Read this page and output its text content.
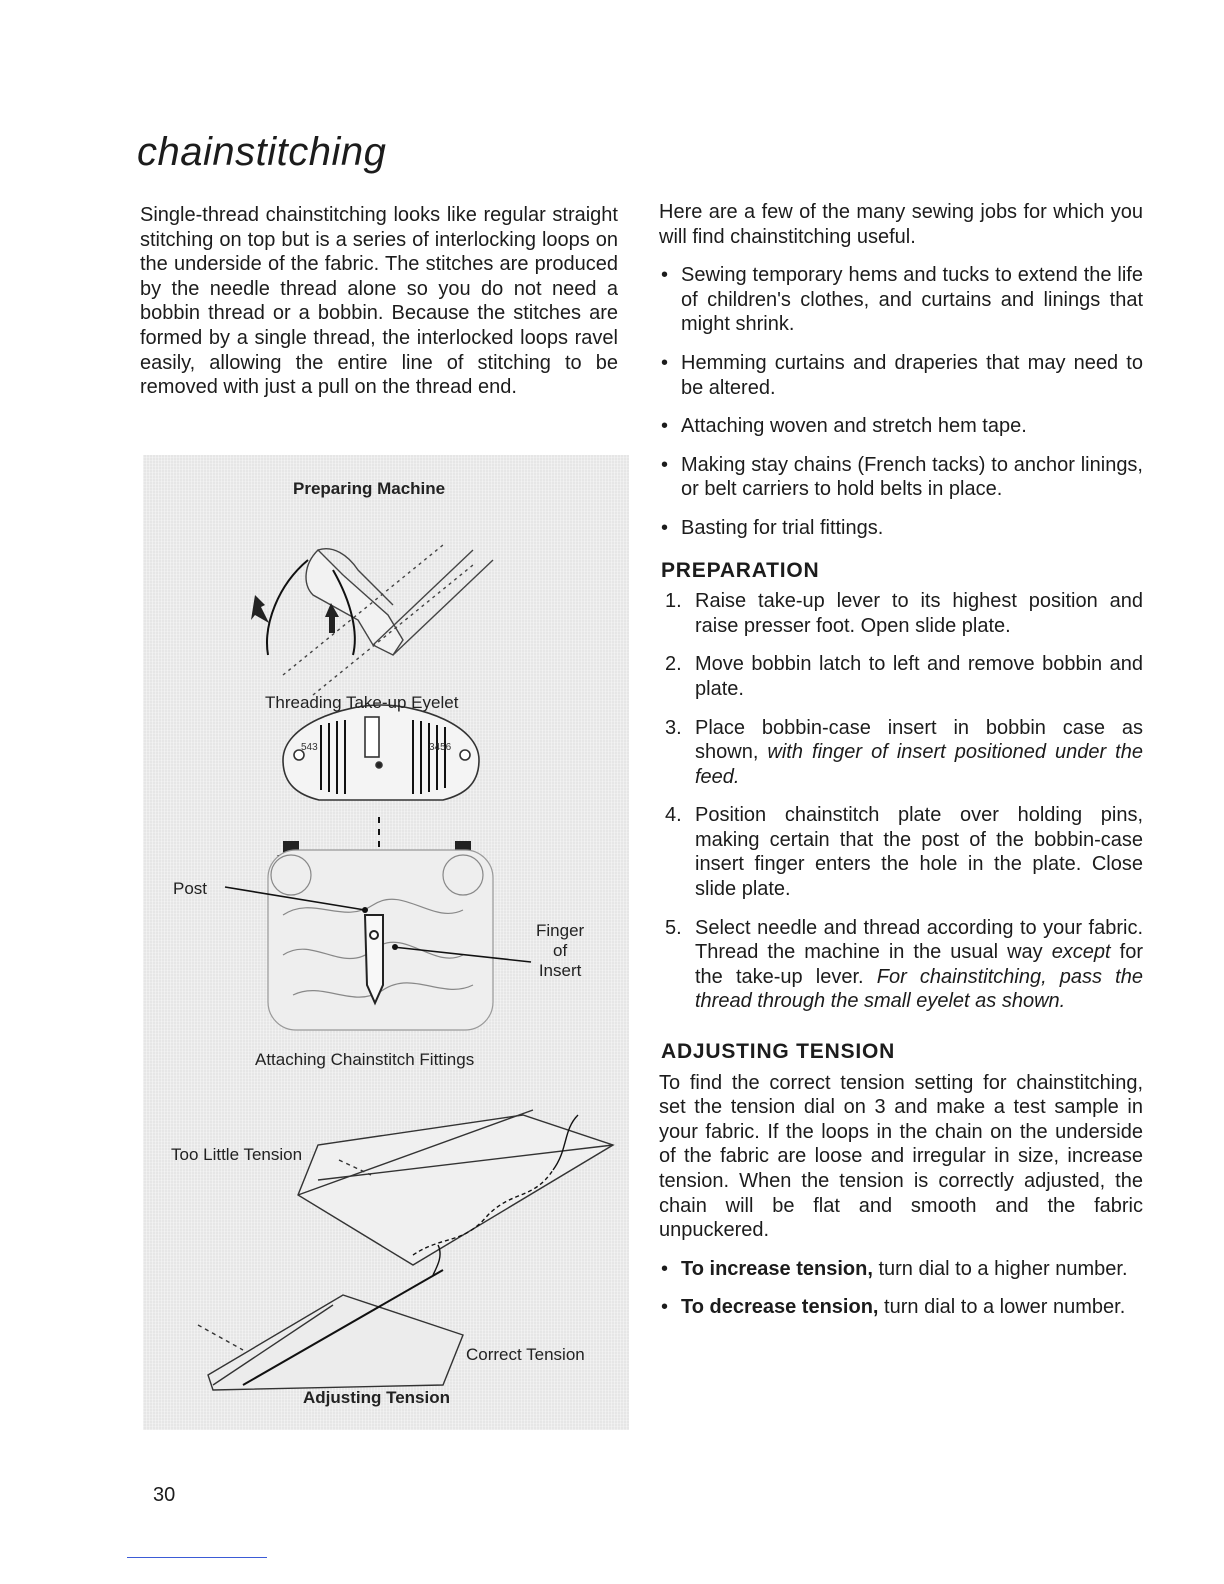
chainstitching

Single-thread chainstitching looks like regular straight stitching on top but is a series of interlocking loops on the underside of the fabric. The stitches are produced by the needle thread alone so you do not need a bobbin thread or a bobbin. Because the stitches are formed by a single thread, the interlocked loops ravel easily, allowing the entire line of stitching to be removed with just a pull on the thread end.

543	3456
Preparing Machine
Threading Take-up Eyelet
Post
Finger
of
Insert
Attaching Chainstitch Fittings
Too Little Tension
Correct Tension
Adjusting Tension

Here are a few of the many sewing jobs for which you will find chainstitching useful.

• Sewing temporary hems and tucks to extend the life of children's clothes, and curtains and linings that might shrink.
• Hemming curtains and draperies that may need to be altered.
• Attaching woven and stretch hem tape.
• Making stay chains (French tacks) to anchor linings, or belt carriers to hold belts in place.
• Basting for trial fittings.
PREPARATION
1. Raise take-up lever to its highest position and raise presser foot. Open slide plate.
2. Move bobbin latch to left and remove bobbin and plate.
3. Place bobbin-case insert in bobbin case as shown, with finger of insert positioned under the feed.
4. Position chainstitch plate over holding pins, making certain that the post of the bobbin-case insert finger enters the hole in the plate. Close slide plate.
5. Select needle and thread according to your fabric. Thread the machine in the usual way except for the take-up lever. For chainstitching, pass the thread through the small eyelet as shown.
ADJUSTING TENSION

To find the correct tension setting for chainstitching, set the tension dial on 3 and make a test sample in your fabric. If the loops in the chain on the underside of the fabric are loose and irregular in size, increase tension. When the tension is correctly adjusted, the chain will be flat and smooth and the fabric unpuckered.

• To increase tension, turn dial to a higher number.
• To decrease tension, turn dial to a lower number.

30
